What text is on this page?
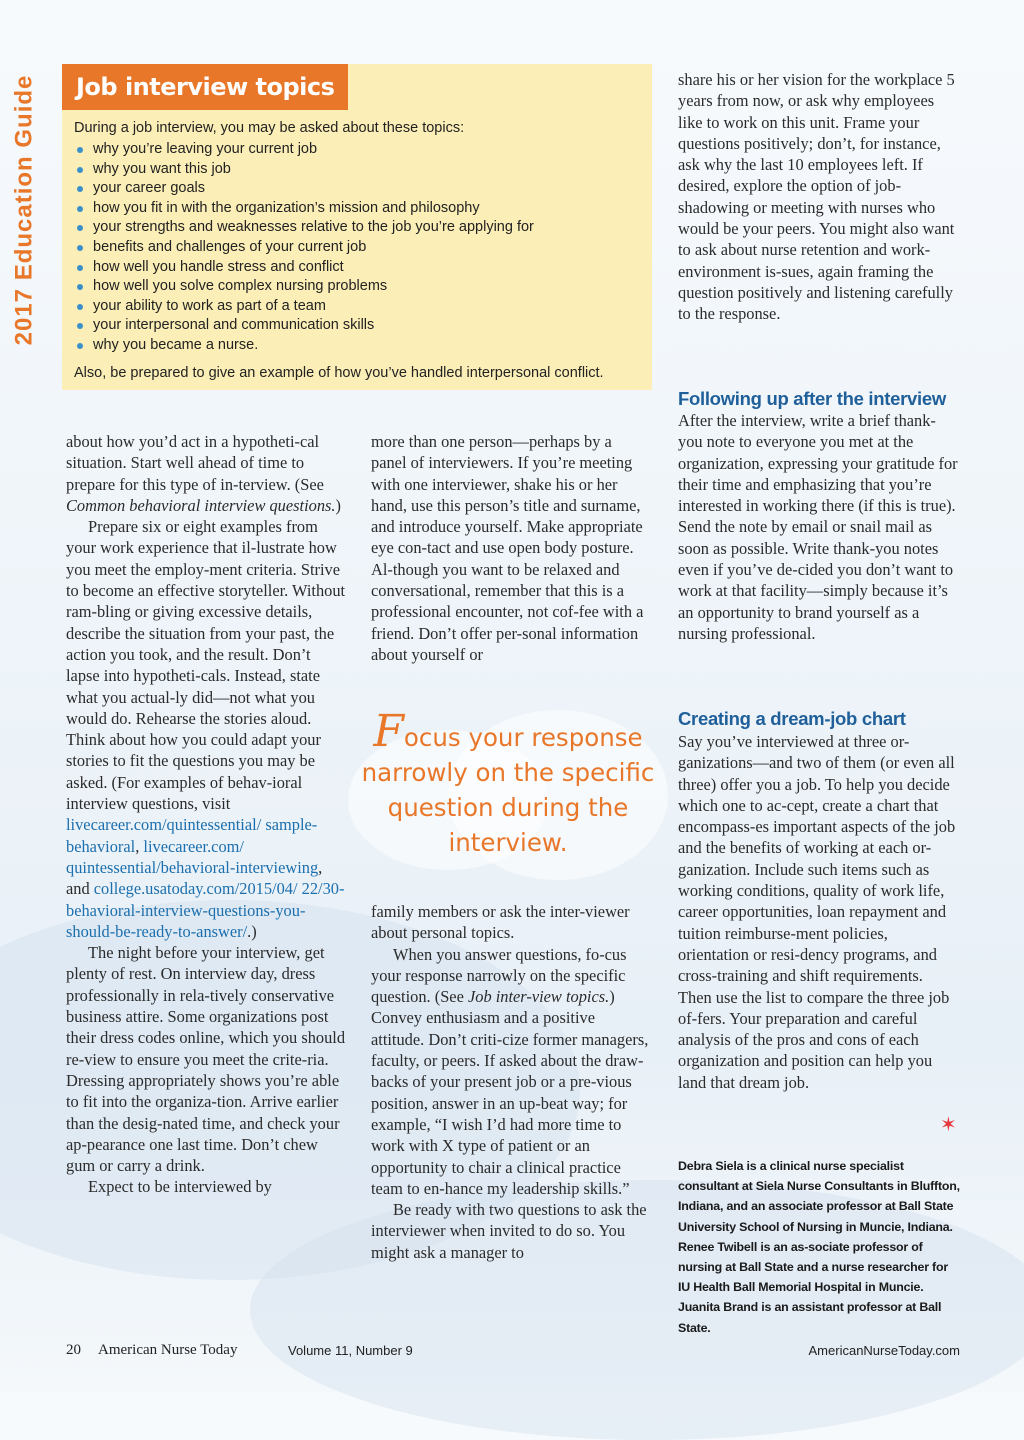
2017 Education Guide	Job interview topics
During a job interview, you may be asked about these topics:
why you’re leaving your current job
why you want this job
your career goals
how you fit in with the organization’s mission and philosophy
your strengths and weaknesses relative to the job you’re applying for
benefits and challenges of your current job
how well you handle stress and conflict
how well you solve complex nursing problems
your ability to work as part of a team
your interpersonal and communication skills
why you became a nurse.
Also, be prepared to give an example of how you’ve handled interpersonal conflict.

about how you’d act in a hypotheti-cal situation. Start well ahead of time to prepare for this type of in-terview. (See Common behavioral interview questions.)

Prepare six or eight examples from your work experience that il-lustrate how you meet the employ-ment criteria. Strive to become an effective storyteller. Without ram-bling or giving excessive details, describe the situation from your past, the action you took, and the result. Don’t lapse into hypotheti-cals. Instead, state what you actual-ly did—not what you would do. Rehearse the stories aloud. Think about how you could adapt your stories to fit the questions you may be asked. (For examples of behav-ioral interview questions, visit livecareer.com/quintessential/ sample-behavioral, livecareer.com/ quintessential/behavioral-interviewing, and college.usatoday.com/2015/04/ 22/30-behavioral-interview-questions-you-should-be-ready-to-answer/.)

The night before your interview, get plenty of rest. On interview day, dress professionally in rela-tively conservative business attire. Some organizations post their dress codes online, which you should re-view to ensure you meet the crite-ria. Dressing appropriately shows you’re able to fit into the organiza-tion. Arrive earlier than the desig-nated time, and check your ap-pearance one last time. Don’t chew gum or carry a drink.

Expect to be interviewed by

more than one person—perhaps by a panel of interviewers. If you’re meeting with one interviewer, shake his or her hand, use this person’s title and surname, and introduce yourself. Make appropriate eye con-tact and use open body posture. Al-though you want to be relaxed and conversational, remember that this is a professional encounter, not cof-fee with a friend. Don’t offer per-sonal information about yourself or

Focus your response narrowly on the specific question during the interview.

family members or ask the inter-viewer about personal topics.

When you answer questions, fo-cus your response narrowly on the specific question. (See Job inter-view topics.) Convey enthusiasm and a positive attitude. Don’t criti-cize former managers, faculty, or peers. If asked about the draw-backs of your present job or a pre-vious position, answer in an up-beat way; for example, “I wish I’d had more time to work with X type of patient or an opportunity to chair a clinical practice team to en-hance my leadership skills.”

Be ready with two questions to ask the interviewer when invited to do so. You might ask a manager to

share his or her vision for the workplace 5 years from now, or ask why employees like to work on this unit. Frame your questions positively; don’t, for instance, ask why the last 10 employees left. If desired, explore the option of job-shadowing or meeting with nurses who would be your peers. You might also want to ask about nurse retention and work-environment is-sues, again framing the question positively and listening carefully to the response.

Following up after the interview

After the interview, write a brief thank-you note to everyone you met at the organization, expressing your gratitude for their time and emphasizing that you’re interested in working there (if this is true). Send the note by email or snail mail as soon as possible. Write thank-you notes even if you’ve de-cided you don’t want to work at that facility—simply because it’s an opportunity to brand yourself as a nursing professional.

Creating a dream-job chart

Say you’ve interviewed at three or-ganizations—and two of them (or even all three) offer you a job. To help you decide which one to ac-cept, create a chart that encompass-es important aspects of the job and the benefits of working at each or-ganization. Include such items such as working conditions, quality of work life, career opportunities, loan repayment and tuition reimburse-ment policies, orientation or resi-dency programs, and cross-training and shift requirements. Then use the list to compare the three job of-fers. Your preparation and careful analysis of the pros and cons of each organization and position can help you land that dream job.

✶
Debra Siela is a clinical nurse specialist consultant at Siela Nurse Consultants in Bluffton, Indiana, and an associate professor at Ball State University School of Nursing in Muncie, Indiana. Renee Twibell is an as-sociate professor of nursing at Ball State and a nurse researcher for IU Health Ball Memorial Hospital in Muncie. Juanita Brand is an assistant professor at Ball State.
20 American Nurse Today	Volume 11, Number 9	AmericanNurseToday.com
